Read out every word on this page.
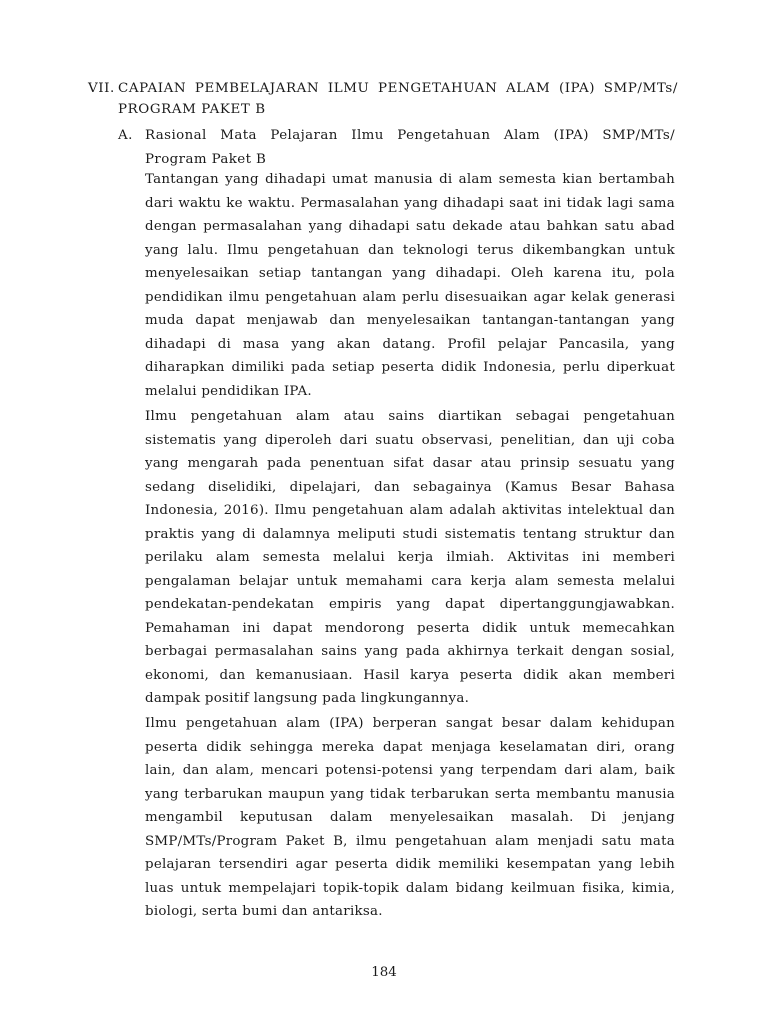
VII. CAPAIAN PEMBELAJARAN ILMU PENGETAHUAN ALAM (IPA) SMP/MTs/ PROGRAM PAKET B
A. Rasional Mata Pelajaran Ilmu Pengetahuan Alam (IPA) SMP/MTs/ Program Paket B

Tantangan yang dihadapi umat manusia di alam semesta kian bertambah dari waktu ke waktu. Permasalahan yang dihadapi saat ini tidak lagi sama dengan permasalahan yang dihadapi satu dekade atau bahkan satu abad yang lalu. Ilmu pengetahuan dan teknologi terus dikembangkan untuk menyelesaikan setiap tantangan yang dihadapi. Oleh karena itu, pola pendidikan ilmu pengetahuan alam perlu disesuaikan agar kelak generasi muda dapat menjawab dan menyelesaikan tantangan-tantangan yang dihadapi di masa yang akan datang. Profil pelajar Pancasila, yang diharapkan dimiliki pada setiap peserta didik Indonesia, perlu diperkuat melalui pendidikan IPA.

Ilmu pengetahuan alam atau sains diartikan sebagai pengetahuan sistematis yang diperoleh dari suatu observasi, penelitian, dan uji coba yang mengarah pada penentuan sifat dasar atau prinsip sesuatu yang sedang diselidiki, dipelajari, dan sebagainya (Kamus Besar Bahasa Indonesia, 2016). Ilmu pengetahuan alam adalah aktivitas intelektual dan praktis yang di dalamnya meliputi studi sistematis tentang struktur dan perilaku alam semesta melalui kerja ilmiah. Aktivitas ini memberi pengalaman belajar untuk memahami cara kerja alam semesta melalui pendekatan-pendekatan empiris yang dapat dipertanggungjawabkan. Pemahaman ini dapat mendorong peserta didik untuk memecahkan berbagai permasalahan sains yang pada akhirnya terkait dengan sosial, ekonomi, dan kemanusiaan. Hasil karya peserta didik akan memberi dampak positif langsung pada lingkungannya.

Ilmu pengetahuan alam (IPA) berperan sangat besar dalam kehidupan peserta didik sehingga mereka dapat menjaga keselamatan diri, orang lain, dan alam, mencari potensi-potensi yang terpendam dari alam, baik yang terbarukan maupun yang tidak terbarukan serta membantu manusia mengambil keputusan dalam menyelesaikan masalah. Di jenjang SMP/MTs/Program Paket B, ilmu pengetahuan alam menjadi satu mata pelajaran tersendiri agar peserta didik memiliki kesempatan yang lebih luas untuk mempelajari topik-topik dalam bidang keilmuan fisika, kimia, biologi, serta bumi dan antariksa.

184
